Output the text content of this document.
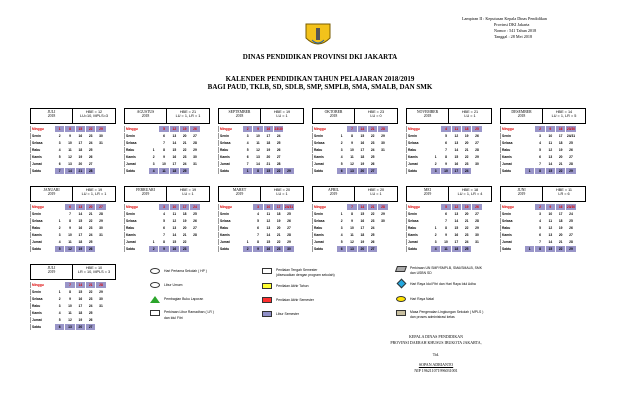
Lampiran II : Keputusan Kepala Dinas Pendidikan
Provinsi DKI Jakarta
Nomor : 541 Tahun 2018
Tanggal : 28 Mei 2018
DINAS PENDIDIKAN PROVINSI DKI JAKARTA
KALENDER PENDIDIKAN TAHUN PELAJARAN 2018/2019
BAGI PAUD, TKLB, SD, SDLB, SMP, SMPLB, SMA, SMALB, DAN SMK
JULI
2018
HBE = 12
LU=10, MPLS=3
Minggu	1	8	15	22	29
Senin	2	9	16	23	30
Selasa	3	10	17	24	31
Rabu	4	11	18	25
Kamis	5	12	19	26
Jumat	6	13	20	27
Sabtu	7	14	21	28
AGUSTUS
2018
HBE = 21
LU = 1, LR = 1
Minggu	5	12	19	26
Senin	6	13	20	27
Selasa	7	14	21	28
Rabu	1	8	15	22	29
Kamis	2	9	16	23	30
Jumat	3	10	17	24	31
Sabtu	4	11	18	25
SEPTEMBER
2018
HBE = 19
LU = 1
Minggu	2	9	16	23/30
Senin	3	10	17	24
Selasa	4	11	18	25
Rabu	5	12	19	26
Kamis	6	13	20	27
Jumat	7	14	21	28
Sabtu	1	8	15	22	29
OKTOBER
2018
HBE = 23
LU = 0
Minggu	7	14	21	28
Senin	1	8	15	22	29
Selasa	2	9	16	23	30
Rabu	3	10	17	24	31
Kamis	4	11	18	25
Jumat	5	12	19	26
Sabtu	6	13	20	27
NOVEMBER
2018
HBE = 21
LU = 1
Minggu	4	11	18	25
Senin	5	12	19	26
Selasa	6	13	20	27
Rabu	7	14	21	28
Kamis	1	8	15	22	29
Jumat	2	9	16	23	30
Sabtu	3	10	17	24
DESEMBER
2018
HBE = 14
LU = 1, LR = 5
Minggu	2	9	16	23/30
Senin	3	10	17	24/31
Selasa	4	11	18	25
Rabu	5	12	19	26
Kamis	6	13	20	27
Jumat	7	14	21	28
Sabtu	1	8	15	22	29
JANUARI
2019
HBE = 19
LU = 1, LR = 1
Minggu	6	13	20	27
Senin	7	14	21	28
Selasa	1	8	15	22	29
Rabu	2	9	16	23	30
Kamis	3	10	17	24	31
Jumat	4	11	18	25
Sabtu	5	12	19	26
FEBRUARI
2019
HBE = 19
LU = 1
Minggu	3	10	17	24
Senin	4	11	18	25
Selasa	5	12	19	26
Rabu	6	13	20	27
Kamis	7	14	21	28
Jumat	1	8	15	22
Sabtu	2	9	16	23
MARET
2019
HBE = 20
LU = 1
Minggu	3	10	17	24/31
Senin	4	11	18	25
Selasa	5	12	19	26
Rabu	6	13	20	27
Kamis	7	14	21	28
Jumat	1	8	15	22	29
Sabtu	2	9	16	23	30
APRIL
2019
HBE = 20
LU = 1
Minggu	7	14	21	28
Senin	1	8	15	22	29
Selasa	2	9	16	23	30
Rabu	3	10	17	24
Kamis	4	11	18	25
Jumat	5	12	19	26
Sabtu	6	13	20	27
MEI
2019
HBE = 18
LU = 1, LR = 4
Minggu	5	12	19	26
Senin	6	13	20	27
Selasa	7	14	21	28
Rabu	1	8	15	22	29
Kamis	2	9	16	23	30
Jumat	3	10	17	24	31
Sabtu	4	11	18	25
JUNI
2019
HBE = 11
LR = 6
Minggu	2	9	16	23/30
Senin	3	10	17	24
Selasa	4	11	18	25
Rabu	5	12	19	26
Kamis	6	13	20	27
Jumat	7	14	21	28
Sabtu	1	8	15	22	29
JULI
2019
HBE = 10
LR = 10, MPLS = 3
Minggu	7	14	21	28
Senin	1	8	15	22	29
Selasa	2	9	16	23	30
Rabu	3	10	17	24	31
Kamis	4	11	18	25
Jumat	5	12	19	26
Sabtu	6	13	20	27
Hari Pertama Sekolah ( HP )
Libur Umum
Pembagian Buku Laporan
Perkiraan Libur Ramadhan ( LR )
dan Idul Fitri
Penilaian Tengah Semester
(disesuaikan dengan program sekolah)
Penilaian Akhir Tahun
Penilaian Akhir Semester
Libur Semester
Perkiraan UN SMP/SMPLB, SMA/SMALB, SMK
dan USBN SD
Hari Raya Idul Fitri dan Hari Raya Idul Adha
Hari Raya Natal
Masa Pengenalan Lingkungan Sekolah ( MPLS )
dan proses administrasi kelas
KEPALA DINAS PENDIDIKAN
PROVINSI DAERAH KHUSUS IBUKOTA JAKARTA,
Ttd.
SOPAN ADRIANTO
NIP 196211071996031001
